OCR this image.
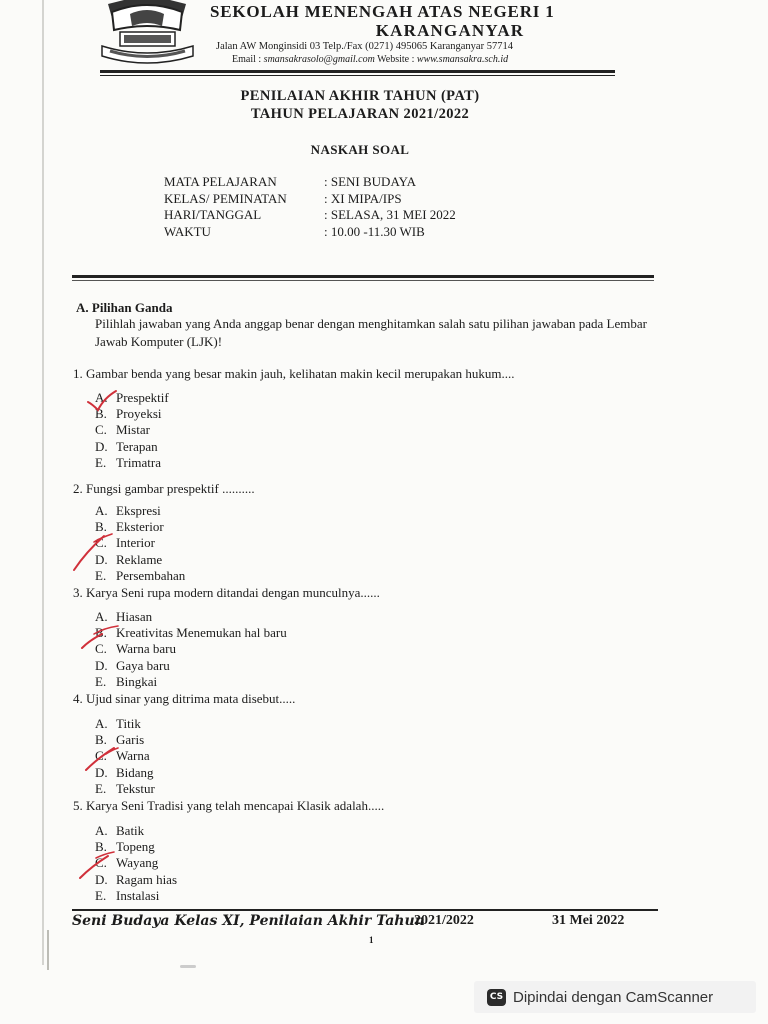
SEKOLAH MENENGAH ATAS NEGERI 1
KARANGANYAR
Jalan AW Monginsidi 03 Telp./Fax (0271) 495065 Karanganyar 57714
Email : smansakrasolo@gmail.com Website : www.smansakra.sch.id
PENILAIAN AKHIR TAHUN (PAT)
TAHUN PELAJARAN 2021/2022
NASKAH SOAL
MATA PELAJARAN	: SENI BUDAYA
KELAS/ PEMINATAN	: XI MIPA/IPS
HARI/TANGGAL	: SELASA, 31 MEI 2022
WAKTU	: 10.00 -11.30 WIB
A. Pilihan Ganda
Pilihlah jawaban yang Anda anggap benar dengan menghitamkan salah satu pilihan jawaban pada Lembar Jawab Komputer (LJK)!
1. Gambar benda yang besar makin jauh, kelihatan makin kecil merupakan hukum....
A. Prespektif
B. Proyeksi
C. Mistar
D. Terapan
E. Trimatra
2. Fungsi gambar prespektif ..........
A. Ekspresi
B. Eksterior
C. Interior
D. Reklame
E. Persembahan
3. Karya Seni rupa modern ditandai dengan munculnya......
A. Hiasan
B. Kreativitas Menemukan hal baru
C. Warna baru
D. Gaya baru
E. Bingkai
4. Ujud sinar yang ditrima mata disebut.....
A. Titik
B. Garis
C. Warna
D. Bidang
E. Tekstur
5. Karya Seni Tradisi yang telah mencapai Klasik adalah.....
A. Batik
B. Topeng
C. Wayang
D. Ragam hias
E. Instalasi
Seni Budaya Kelas XI, Penilaian Akhir Tahun
2021/2022	31 Mei 2022
1
CS Dipindai dengan CamScanner
